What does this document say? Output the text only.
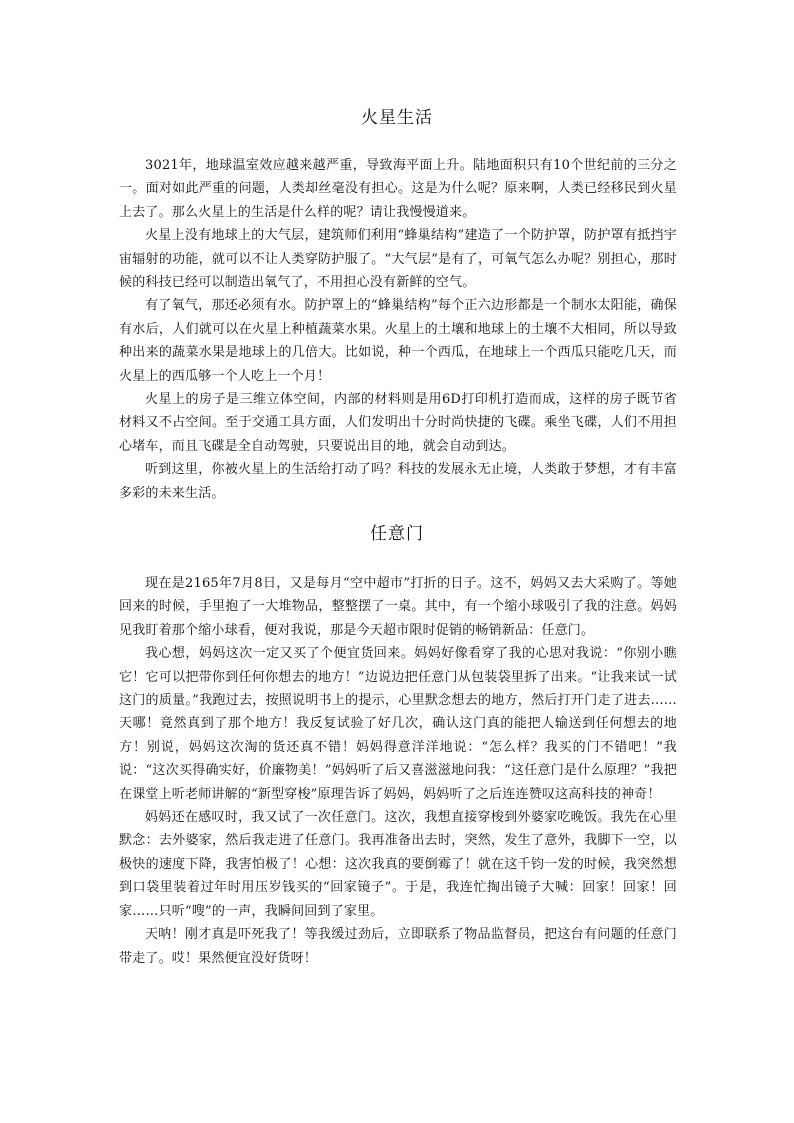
火星生活

3021年，地球温室效应越来越严重，导致海平面上升。陆地面积只有10个世纪前的三分之一。面对如此严重的问题，人类却丝毫没有担心。这是为什么呢？原来啊，人类已经移民到火星上去了。那么火星上的生活是什么样的呢？请让我慢慢道来。

火星上没有地球上的大气层，建筑师们利用“蜂巢结构”建造了一个防护罩，防护罩有抵挡宇宙辐射的功能，就可以不让人类穿防护服了。“大气层”是有了，可氧气怎么办呢？别担心，那时候的科技已经可以制造出氧气了，不用担心没有新鲜的空气。

有了氧气，那还必须有水。防护罩上的“蜂巢结构”每个正六边形都是一个制水太阳能，确保有水后，人们就可以在火星上种植蔬菜水果。火星上的土壤和地球上的土壤不大相同，所以导致种出来的蔬菜水果是地球上的几倍大。比如说，种一个西瓜，在地球上一个西瓜只能吃几天，而火星上的西瓜够一个人吃上一个月！

火星上的房子是三维立体空间，内部的材料则是用6D打印机打造而成，这样的房子既节省材料又不占空间。至于交通工具方面，人们发明出十分时尚快捷的飞碟。乘坐飞碟，人们不用担心堵车，而且飞碟是全自动驾驶，只要说出目的地，就会自动到达。

听到这里，你被火星上的生活给打动了吗？科技的发展永无止境，人类敢于梦想，才有丰富多彩的未来生活。

任意门

现在是2165年7月8日，又是每月“空中超市”打折的日子。这不，妈妈又去大采购了。等她回来的时候，手里抱了一大堆物品，整整摆了一桌。其中，有一个缩小球吸引了我的注意。妈妈见我盯着那个缩小球看，便对我说，那是今天超市限时促销的畅销新品：任意门。

我心想，妈妈这次一定又买了个便宜货回来。妈妈好像看穿了我的心思对我说：“你别小瞧它！它可以把带你到任何你想去的地方！”边说边把任意门从包装袋里拆了出来。“让我来试一试这门的质量。”我跑过去，按照说明书上的提示，心里默念想去的地方，然后打开门走了进去……天哪！竟然真到了那个地方！我反复试验了好几次，确认这门真的能把人输送到任何想去的地方！别说，妈妈这次淘的货还真不错！妈妈得意洋洋地说：“怎么样？我买的门不错吧！”我说：“这次买得确实好，价廉物美！”妈妈听了后又喜滋滋地问我：“这任意门是什么原理？”我把在课堂上听老师讲解的“新型穿梭”原理告诉了妈妈，妈妈听了之后连连赞叹这高科技的神奇！

妈妈还在感叹时，我又试了一次任意门。这次，我想直接穿梭到外婆家吃晚饭。我先在心里默念：去外婆家，然后我走进了任意门。我再准备出去时，突然，发生了意外，我脚下一空，以极快的速度下降，我害怕极了！心想：这次我真的要倒霉了！就在这千钧一发的时候，我突然想到口袋里装着过年时用压岁钱买的“回家镜子”。于是，我连忙掏出镜子大喊：回家！回家！回家……只听“嗖”的一声，我瞬间回到了家里。

天呐！刚才真是吓死我了！等我缓过劲后，立即联系了物品监督员，把这台有问题的任意门带走了。哎！果然便宜没好货呀！
